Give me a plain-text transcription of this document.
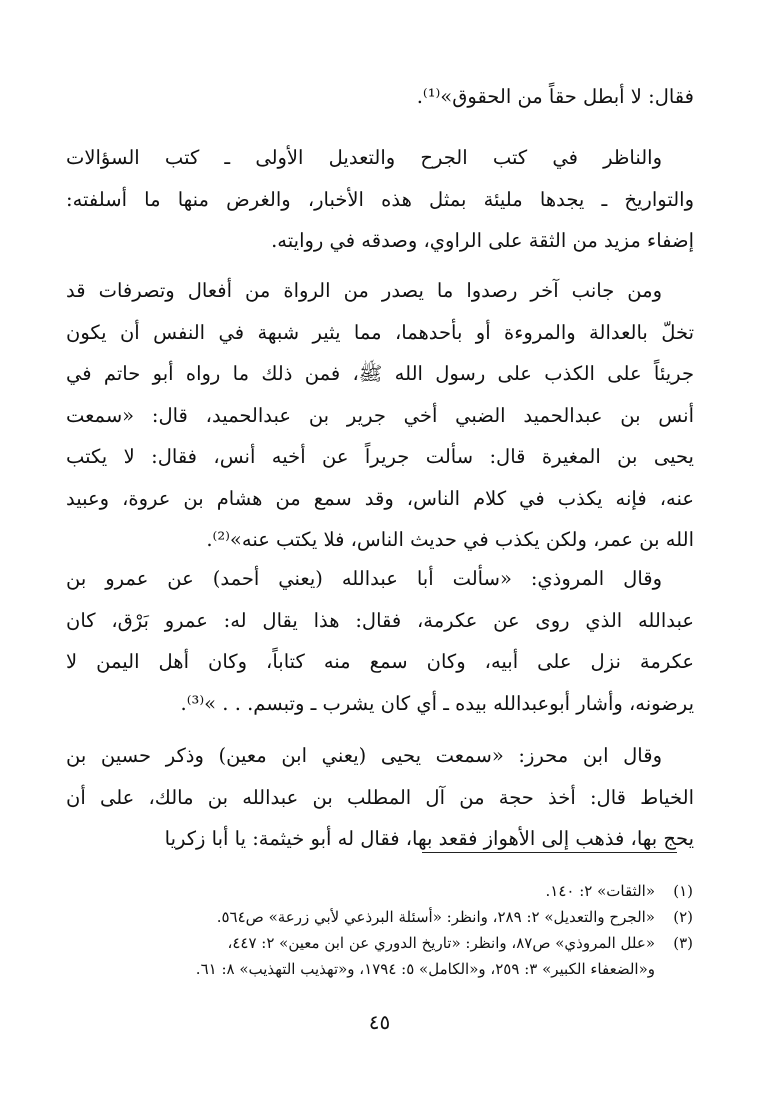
فقال: لا أبطل حقاً من الحقوق»⁽¹⁾.
والناظر في كتب الجرح والتعديل الأولى ـ كتب السؤالات
والتواريخ ـ يجدها مليئة بمثل هذه الأخبار، والغرض منها ما أسلفته:
إضفاء مزيد من الثقة على الراوي، وصدقه في روايته.
ومن جانب آخر رصدوا ما يصدر من الرواة من أفعال وتصرفات قد
تخلّ بالعدالة والمروءة أو بأحدهما، مما يثير شبهة في النفس أن يكون
جريئاً على الكذب على رسول الله ﷺ، فمن ذلك ما رواه أبو حاتم في
أنس بن عبدالحميد الضبي أخي جرير بن عبدالحميد، قال: «سمعت
يحيى بن المغيرة قال: سألت جريراً عن أخيه أنس، فقال: لا يكتب
عنه، فإنه يكذب في كلام الناس، وقد سمع من هشام بن عروة، وعبيد
الله بن عمر، ولكن يكذب في حديث الناس، فلا يكتب عنه»⁽²⁾.
وقال المروذي: «سألت أبا عبدالله (يعني أحمد) عن عمرو بن
عبدالله الذي روى عن عكرمة، فقال: هذا يقال له: عمرو بَرْق، كان
عكرمة نزل على أبيه، وكان سمع منه كتاباً، وكان أهل اليمن لا
يرضونه، وأشار أبوعبدالله بيده ـ أي كان يشرب ـ وتبسم. . . »⁽³⁾.
وقال ابن محرز: «سمعت يحيى (يعني ابن معين) وذكر حسين بن
الخياط قال: أخذ حجة من آل المطلب بن عبدالله بن مالك، على أن
يحج بها، فذهب إلى الأهواز فقعد بها، فقال له أبو خيثمة: يا أبا زكريا
(١)
«الثقات» ٢: ١٤٠.
(٢)
«الجرح والتعديل» ٢: ٢٨٩، وانظر: «أسئلة البرذعي لأبي زرعة» ص٥٦٤.
(٣)
«علل المروذي» ص٨٧، وانظر: «تاريخ الدوري عن ابن معين» ٢: ٤٤٧،
و«الضعفاء الكبير» ٣: ٢٥٩، و«الكامل» ٥: ١٧٩٤، و«تهذيب التهذيب» ٨: ٦١.
٤٥
